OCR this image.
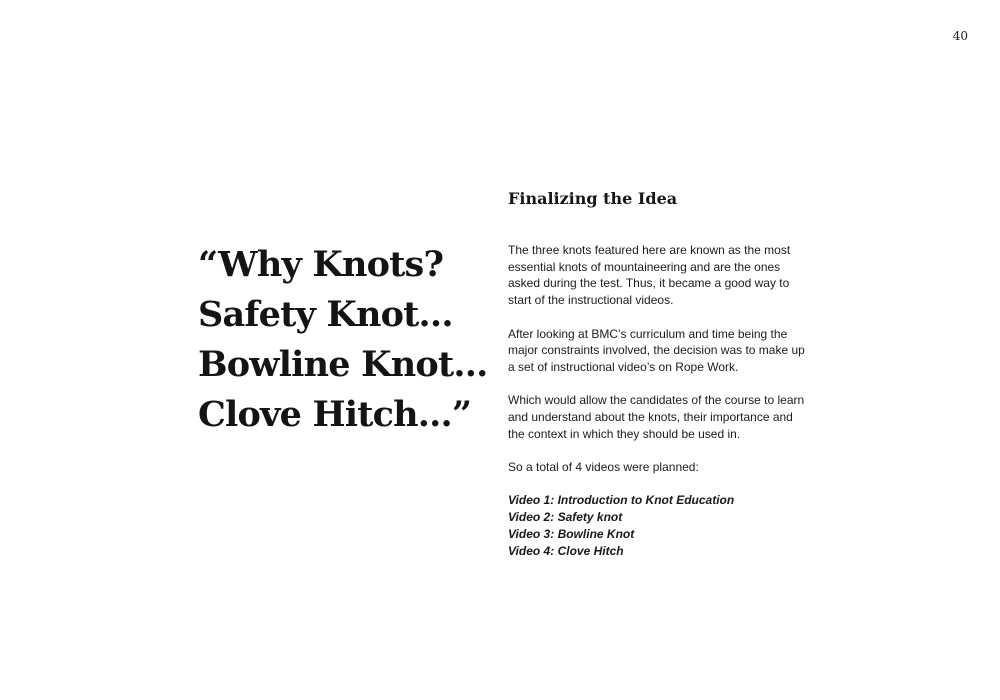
40
“Why Knots?
Safety Knot...
Bowline Knot...
Clove Hitch...”
Finalizing the Idea

The three knots featured here are known as the most essential knots of mountaineering and are the ones asked during the test. Thus, it became a good way to start of the instructional videos.

After looking at BMC’s curriculum and time being the major constraints involved, the decision was to make up a set of instructional video’s on Rope Work.

Which would allow the candidates of the course to learn and understand about the knots, their importance and the context in which they should be used in.

So a total of 4 videos were planned:

Video 1: Introduction to Knot Education
Video 2: Safety knot
Video 3: Bowline Knot
Video 4: Clove Hitch
